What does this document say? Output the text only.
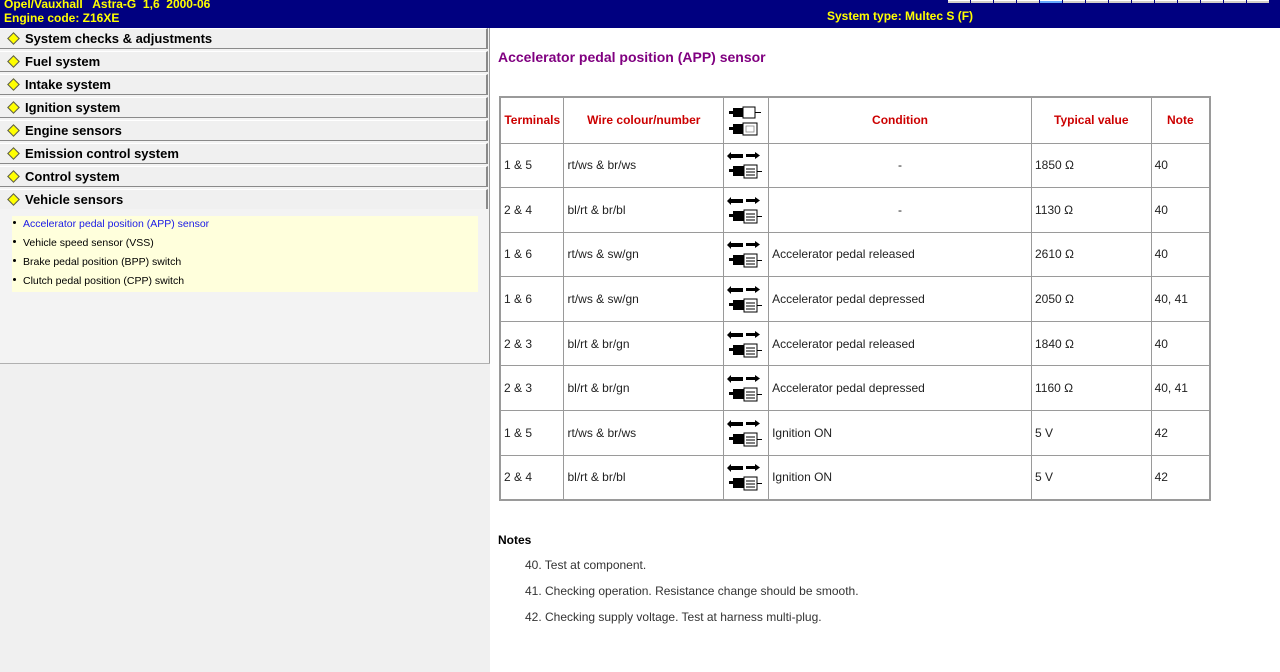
Opel/Vauxhall   Astra-G  1,6  2000-06
Engine code: Z16XE	System type: Multec S (F)
System checks & adjustments
Fuel system
Intake system
Ignition system
Engine sensors
Emission control system
Control system
Vehicle sensors
Accelerator pedal position (APP) sensor
Vehicle speed sensor (VSS)
Brake pedal position (BPP) switch
Clutch pedal position (CPP) switch
Accelerator pedal position (APP) sensor
Terminals	Wire colour/number		Condition	Typical value	Note
1 & 5	rt/ws & br/ws		-	1850 Ω	40
2 & 4	bl/rt & br/bl		-	1130 Ω	40
1 & 6	rt/ws & sw/gn		Accelerator pedal released	2610 Ω	40
1 & 6	rt/ws & sw/gn		Accelerator pedal depressed	2050 Ω	40, 41
2 & 3	bl/rt & br/gn		Accelerator pedal released	1840 Ω	40
2 & 3	bl/rt & br/gn		Accelerator pedal depressed	1160 Ω	40, 41
1 & 5	rt/ws & br/ws		Ignition ON	5 V	42
2 & 4	bl/rt & br/bl		Ignition ON	5 V	42
Notes
40. Test at component.
41. Checking operation. Resistance change should be smooth.
42. Checking supply voltage. Test at harness multi-plug.
